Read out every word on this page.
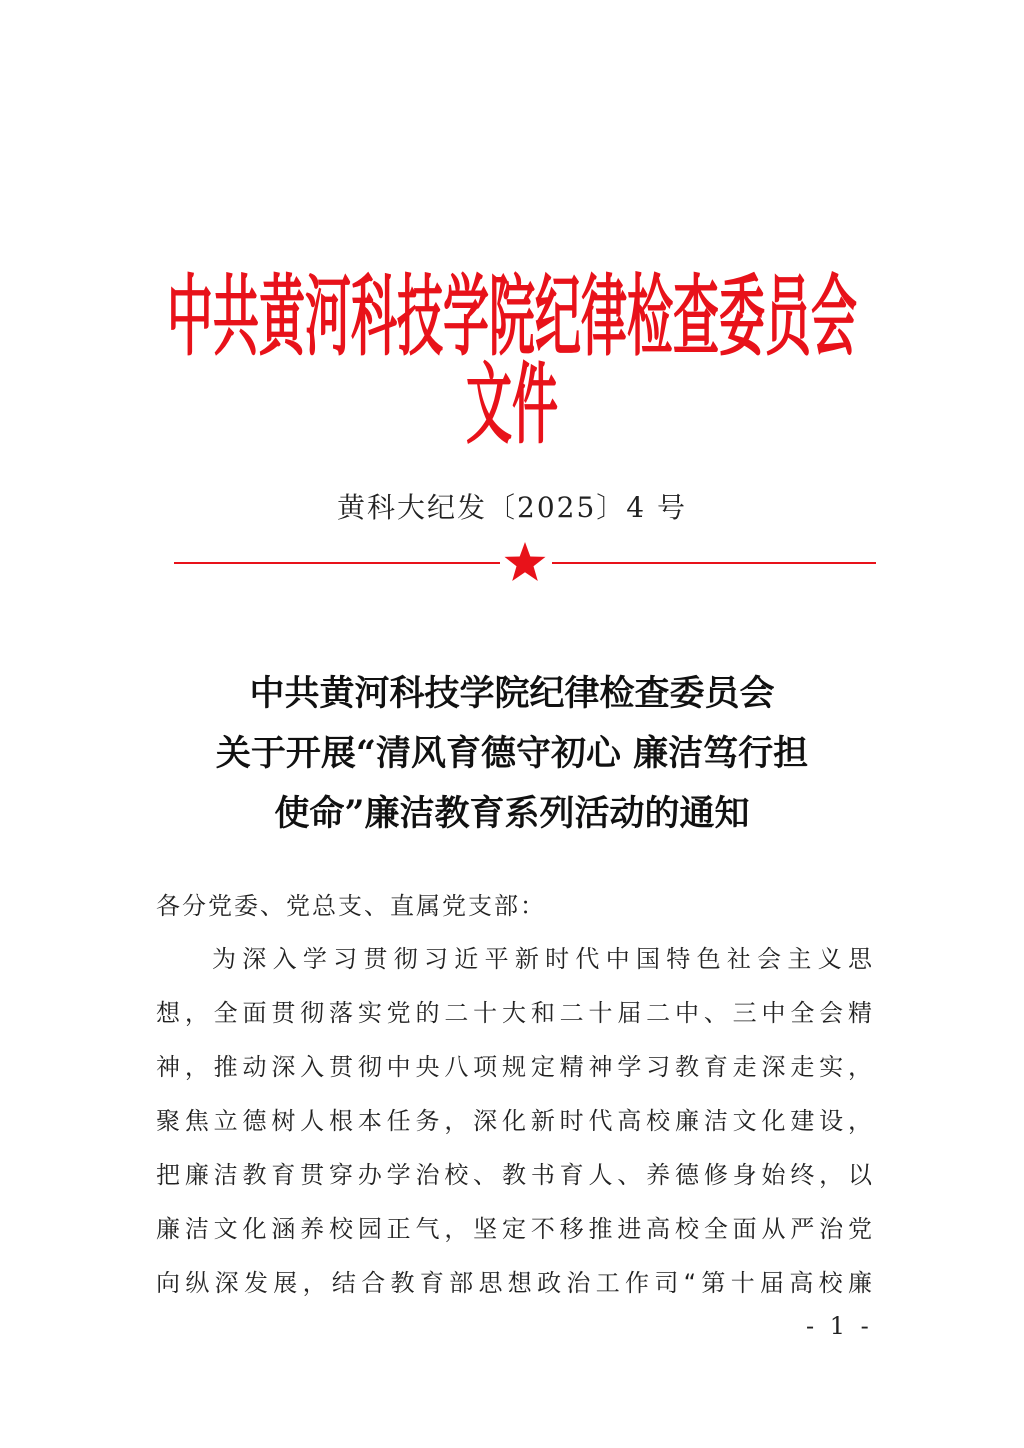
中共黄河科技学院纪律检查委员会文件
黄科大纪发〔2025〕4 号
中共黄河科技学院纪律检查委员会
关于开展“清风育德守初心 廉洁笃行担
使命”廉洁教育系列活动的通知
各分党委、党总支、直属党支部：
为深入学习贯彻习近平新时代中国特色社会主义思
想，全面贯彻落实党的二十大和二十届二中、三中全会精
神，推动深入贯彻中央八项规定精神学习教育走深走实，
聚焦立德树人根本任务，深化新时代高校廉洁文化建设，
把廉洁教育贯穿办学治校、教书育人、养德修身始终，以
廉洁文化涵养校园正气，坚定不移推进高校全面从严治党
向纵深发展，结合教育部思想政治工作司“第十届高校廉
- 1 -
